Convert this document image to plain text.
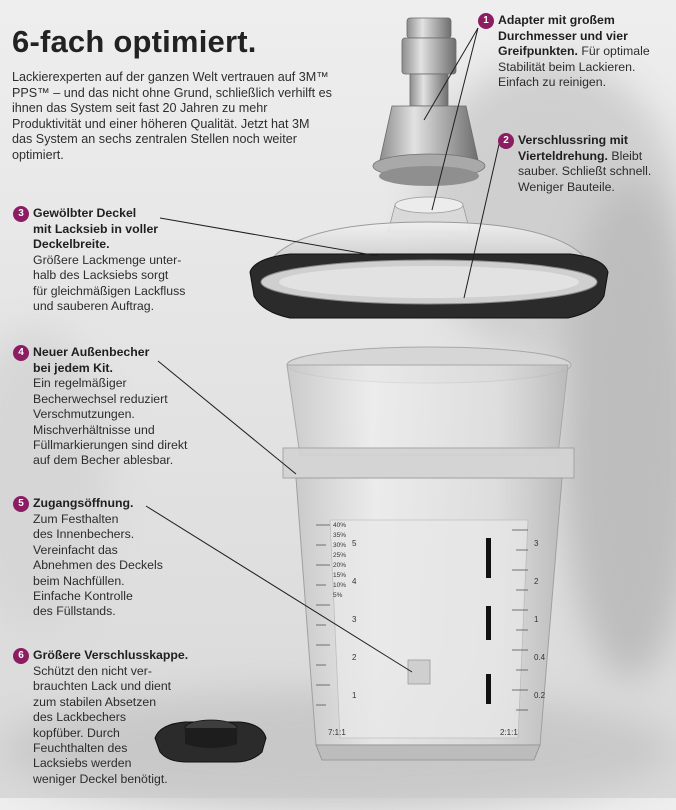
7:1:1	2:1:1
40%
35%
30%
25%
20%
15%
10%
5%
5
4
3
2
1
3
2
1
0.4
0.2
6-fach optimiert.

Lackierexperten auf der ganzen Welt vertrauen auf 3M™ PPS™ – und das nicht ohne Grund, schließlich verhilft es ihnen das System seit fast 20 Jahren zu mehr Produktivität und einer höheren Qualität. Jetzt hat 3M das System an sechs zentralen Stellen noch weiter optimiert.

1 Adapter mit großem
Durchmesser und vier
Greifpunkten. Für optimale
Stabilität beim Lackieren.
Einfach zu reinigen.
2 Verschlussring mit
Vierteldrehung. Bleibt
sauber. Schließt schnell.
Weniger Bauteile.
3 Gewölbter Deckel
mit Lacksieb in voller
Deckelbreite.
Größere Lackmenge unter-
halb des Lacksiebs sorgt
für gleichmäßigen Lackfluss
und sauberen Auftrag.
4 Neuer Außenbecher
bei jedem Kit.
Ein regelmäßiger
Becherwechsel reduziert
Verschmutzungen.
Mischverhältnisse und
Füllmarkierungen sind direkt
auf dem Becher ablesbar.
5 Zugangsöffnung.
Zum Festhalten
des Innenbechers.
Vereinfacht das
Abnehmen des Deckels
beim Nachfüllen.
Einfache Kontrolle
des Füllstands.
6 Größere Verschlusskappe.
Schützt den nicht ver-
brauchten Lack und dient
zum stabilen Absetzen
des Lackbechers
kopfüber. Durch
Feuchthalten des
Lacksiebs werden
weniger Deckel benötigt.
